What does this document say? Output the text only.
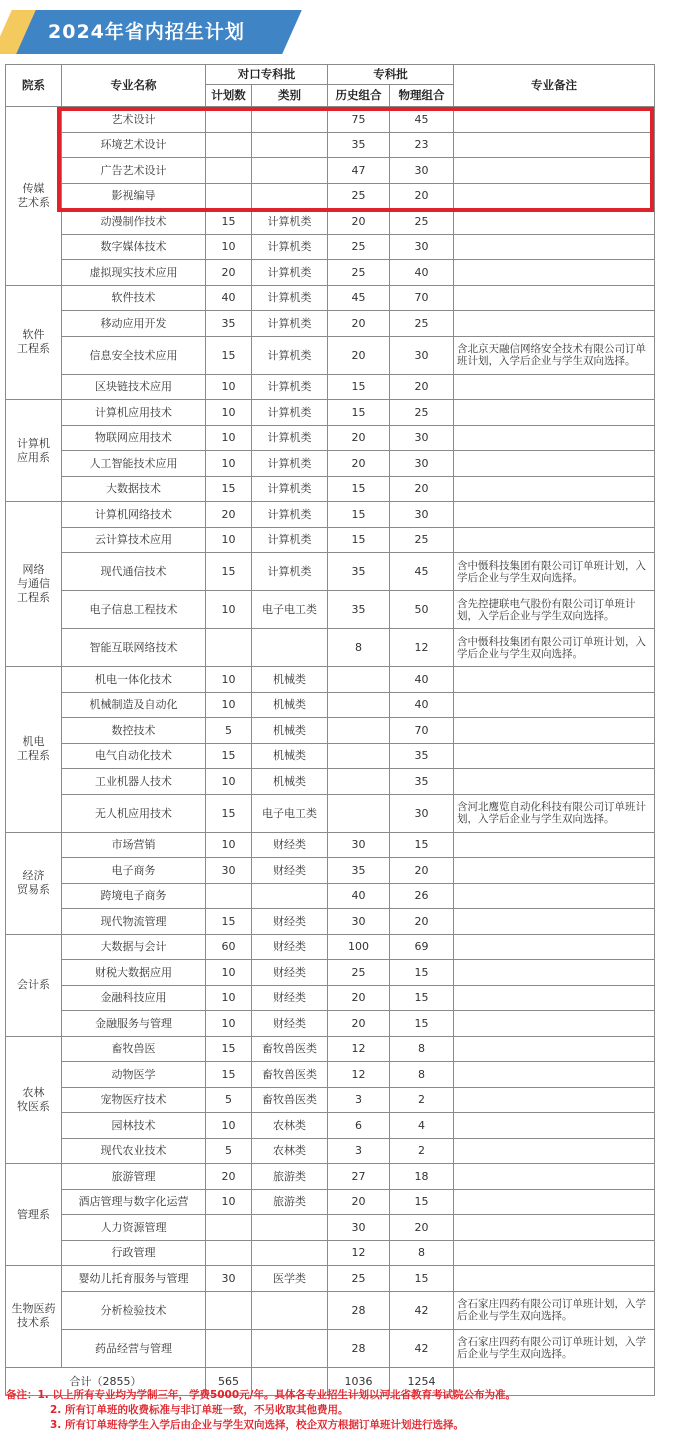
2024年省内招生计划
院系	专业名称	对口专科批		专科批		专业备注
		计划数	类别	历史组合	物理组合	
传媒
艺术系	艺术设计			75	45	
	环境艺术设计			35	23	
	广告艺术设计			47	30	
	影视编导			25	20	
	动漫制作技术	15	计算机类	20	25	
	数字媒体技术	10	计算机类	25	30	
	虚拟现实技术应用	20	计算机类	25	40	
软件
工程系	软件技术	40	计算机类	45	70	
	移动应用开发	35	计算机类	20	25	
	信息安全技术应用	15	计算机类	20	30	含北京天融信网络安全技术有限公司订单班计划，入学后企业与学生双向选择。
	区块链技术应用	10	计算机类	15	20	
计算机
应用系	计算机应用技术	10	计算机类	15	25	
	物联网应用技术	10	计算机类	20	30	
	人工智能技术应用	10	计算机类	20	30	
	大数据技术	15	计算机类	15	20	
网络
与通信
工程系	计算机网络技术	20	计算机类	15	30	
	云计算技术应用	10	计算机类	15	25	
	现代通信技术	15	计算机类	35	45	含中慑科技集团有限公司订单班计划，入学后企业与学生双向选择。
	电子信息工程技术	10	电子电工类	35	50	含先控捷联电气股份有限公司订单班计划，入学后企业与学生双向选择。
	智能互联网络技术			8	12	含中慑科技集团有限公司订单班计划，入学后企业与学生双向选择。
机电
工程系	机电一体化技术	10	机械类		40	
	机械制造及自动化	10	机械类		40	
	数控技术	5	机械类		70	
	电气自动化技术	15	机械类		35	
	工业机器人技术	10	机械类		35	
	无人机应用技术	15	电子电工类		30	含河北鹰览自动化科技有限公司订单班计划，入学后企业与学生双向选择。
经济
贸易系	市场营销	10	财经类	30	15	
	电子商务	30	财经类	35	20	
	跨境电子商务			40	26	
	现代物流管理	15	财经类	30	20	
会计系	大数据与会计	60	财经类	100	69	
	财税大数据应用	10	财经类	25	15	
	金融科技应用	10	财经类	20	15	
	金融服务与管理	10	财经类	20	15	
农林
牧医系	畜牧兽医	15	畜牧兽医类	12	8	
	动物医学	15	畜牧兽医类	12	8	
	宠物医疗技术	5	畜牧兽医类	3	2	
	园林技术	10	农林类	6	4	
	现代农业技术	5	农林类	3	2	
管理系	旅游管理	20	旅游类	27	18	
	酒店管理与数字化运营	10	旅游类	20	15	
	人力资源管理			30	20	
	行政管理			12	8	
生物医药
技术系	婴幼儿托育服务与管理	30	医学类	25	15	
	分析检验技术			28	42	含石家庄四药有限公司订单班计划，入学后企业与学生双向选择。
	药品经营与管理			28	42	含石家庄四药有限公司订单班计划，入学后企业与学生双向选择。
合计（2855）		565		1036	1254	
备注：1. 以上所有专业均为学制三年，学费5000元/年。具体各专业招生计划以河北省教育考试院公布为准。
2. 所有订单班的收费标准与非订单班一致，不另收取其他费用。
3. 所有订单班待学生入学后由企业与学生双向选择，校企双方根据订单班计划进行选择。
